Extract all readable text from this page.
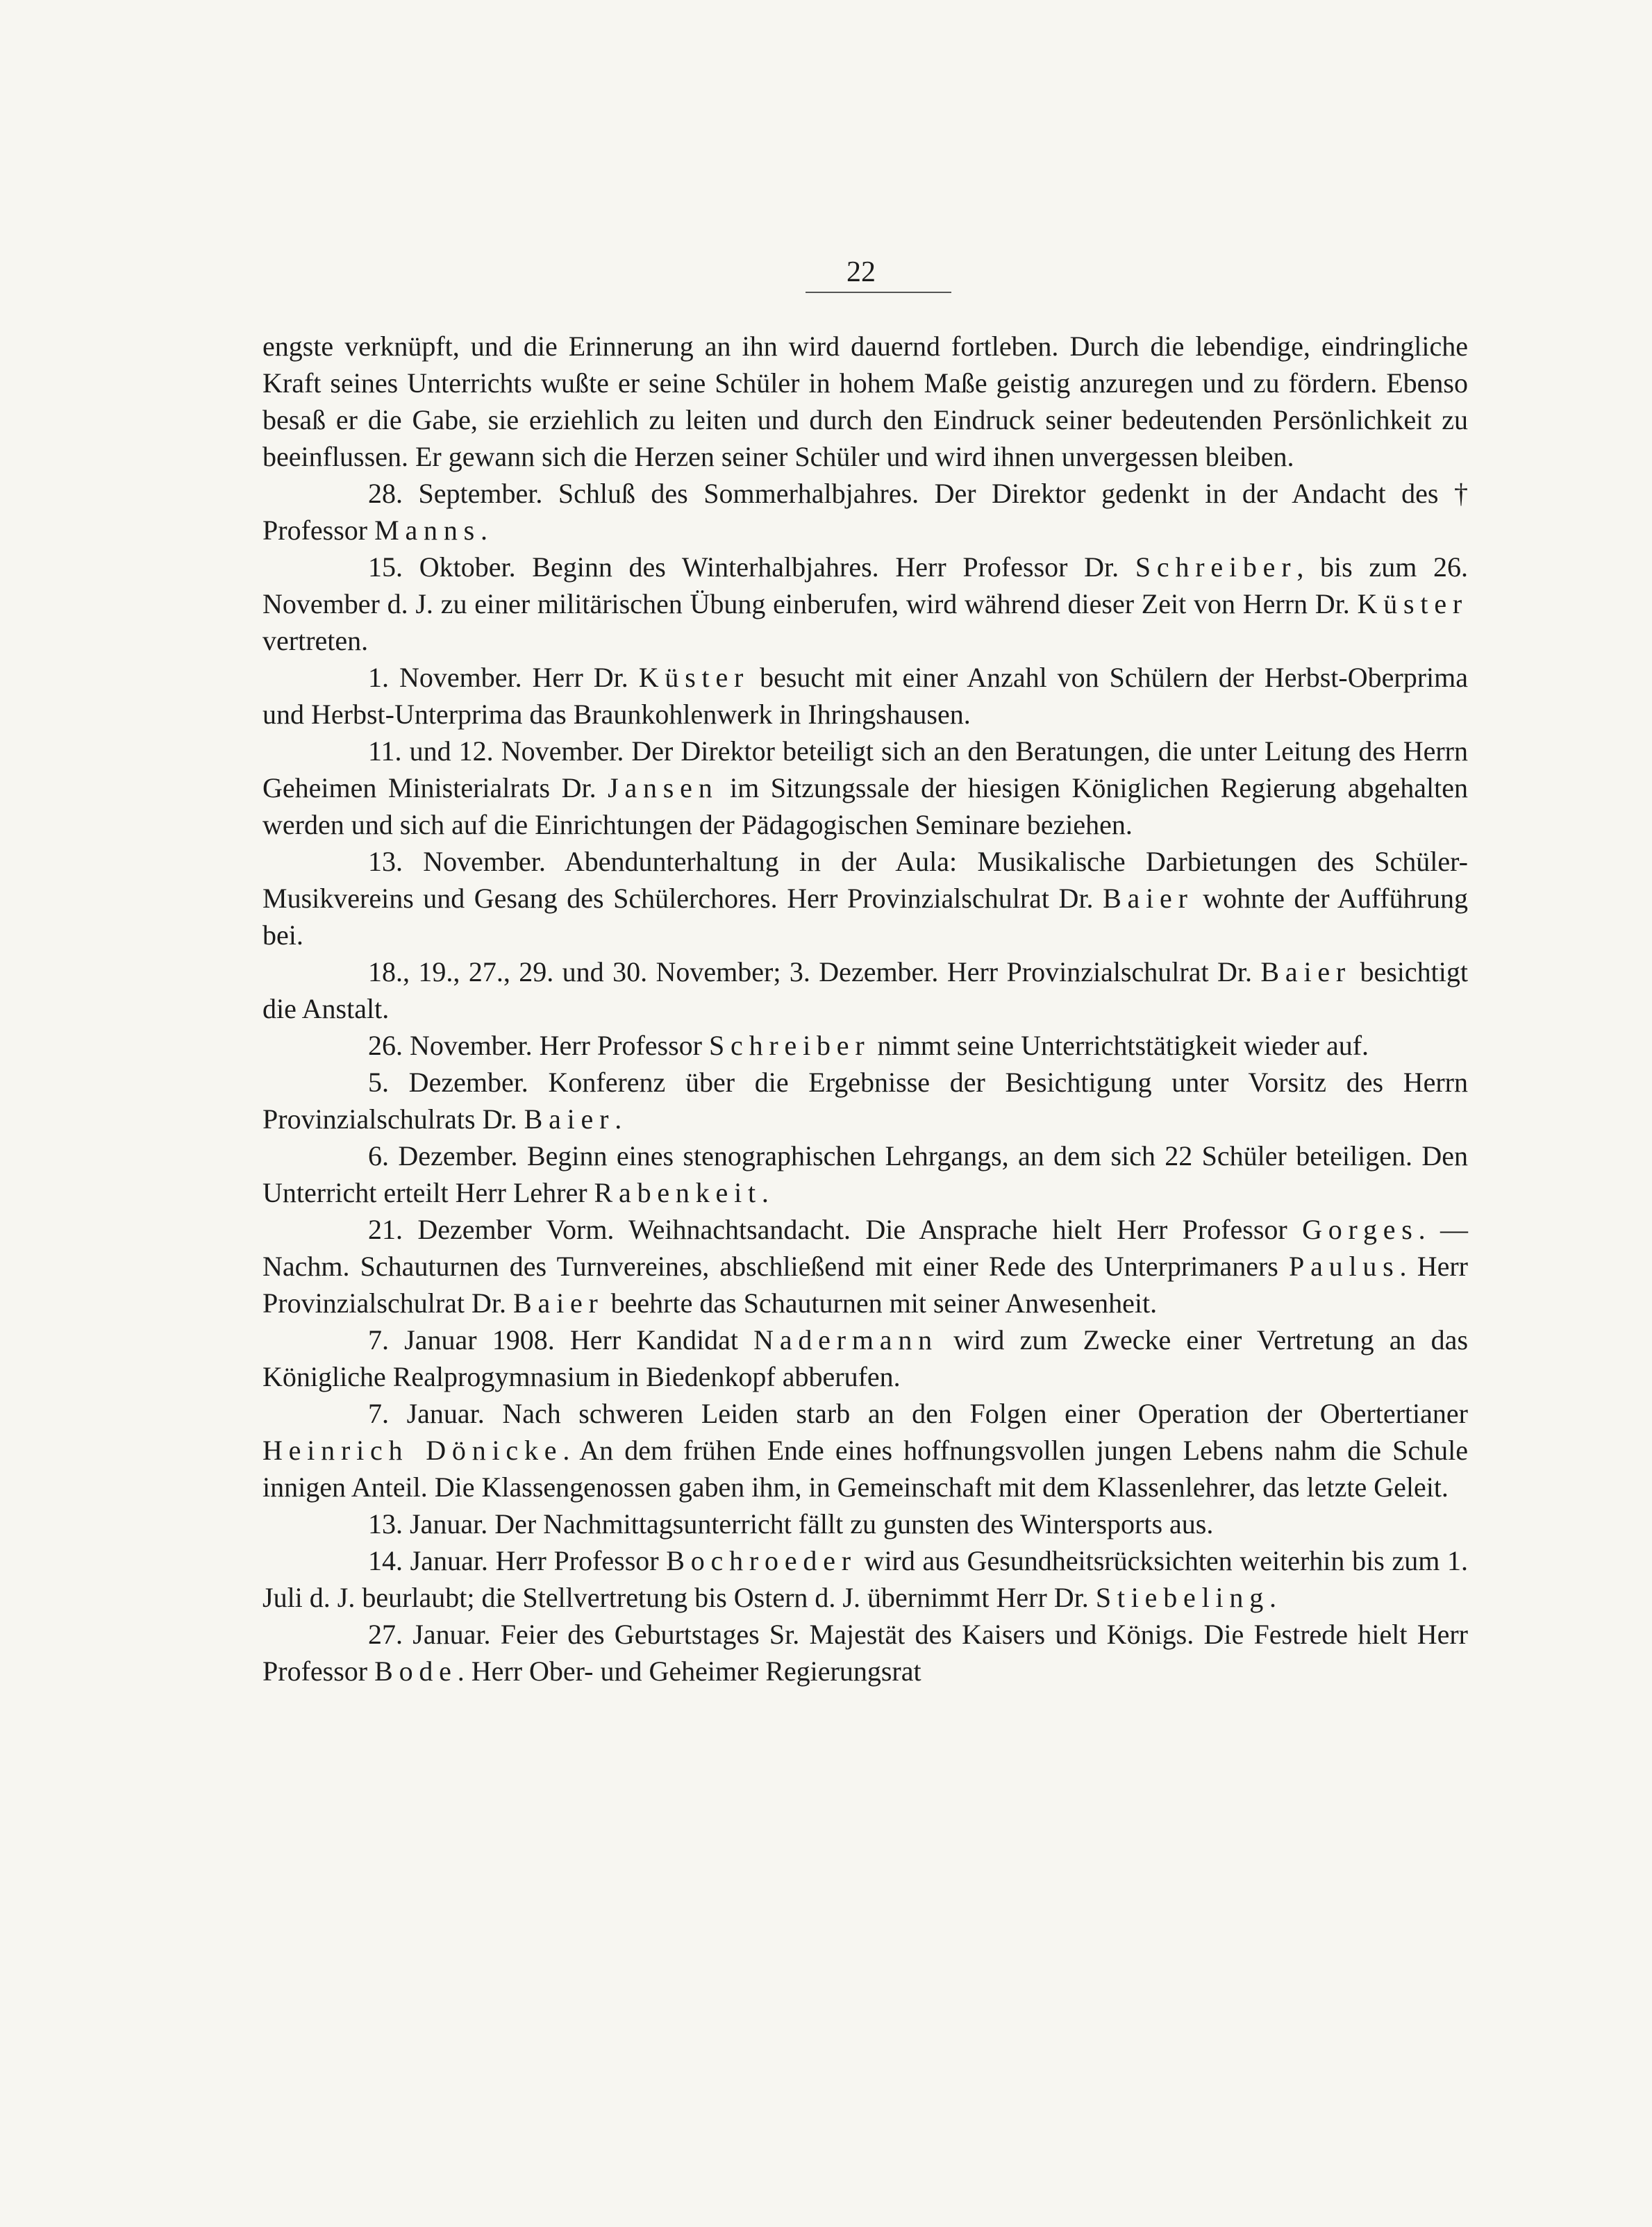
22

engste verknüpft, und die Erinnerung an ihn wird dauernd fortleben. Durch die lebendige, eindringliche Kraft seines Unterrichts wußte er seine Schüler in hohem Maße geistig anzuregen und zu fördern. Ebenso besaß er die Gabe, sie erziehlich zu leiten und durch den Eindruck seiner bedeutenden Persönlichkeit zu beeinflussen. Er gewann sich die Herzen seiner Schüler und wird ihnen unvergessen bleiben.

28. September. Schluß des Sommerhalbjahres. Der Direktor gedenkt in der Andacht des † Professor Manns.

15. Oktober. Beginn des Winterhalbjahres. Herr Professor Dr. Schreiber, bis zum 26. November d. J. zu einer militärischen Übung einberufen, wird während dieser Zeit von Herrn Dr. Küster vertreten.

1. November. Herr Dr. Küster besucht mit einer Anzahl von Schülern der Herbst-Oberprima und Herbst-Unterprima das Braunkohlenwerk in Ihringshausen.

11. und 12. November. Der Direktor beteiligt sich an den Beratungen, die unter Leitung des Herrn Geheimen Ministerialrats Dr. Jansen im Sitzungssale der hiesigen Königlichen Regierung abgehalten werden und sich auf die Einrichtungen der Pädagogischen Seminare beziehen.

13. November. Abendunterhaltung in der Aula: Musikalische Darbietungen des Schüler-Musikvereins und Gesang des Schülerchores. Herr Provinzialschulrat Dr. Baier wohnte der Aufführung bei.

18., 19., 27., 29. und 30. November; 3. Dezember. Herr Provinzialschulrat Dr. Baier besichtigt die Anstalt.

26. November. Herr Professor Schreiber nimmt seine Unterrichtstätigkeit wieder auf.

5. Dezember. Konferenz über die Ergebnisse der Besichtigung unter Vorsitz des Herrn Provinzialschulrats Dr. Baier.

6. Dezember. Beginn eines stenographischen Lehrgangs, an dem sich 22 Schüler beteiligen. Den Unterricht erteilt Herr Lehrer Rabenkeit.

21. Dezember Vorm. Weihnachtsandacht. Die Ansprache hielt Herr Professor Gorges. — Nachm. Schauturnen des Turnvereines, abschließend mit einer Rede des Unterprimaners Paulus. Herr Provinzialschulrat Dr. Baier beehrte das Schauturnen mit seiner Anwesenheit.

7. Januar 1908. Herr Kandidat Nadermann wird zum Zwecke einer Vertretung an das Königliche Realprogymnasium in Biedenkopf abberufen.

7. Januar. Nach schweren Leiden starb an den Folgen einer Operation der Obertertianer Heinrich Dönicke. An dem frühen Ende eines hoffnungsvollen jungen Lebens nahm die Schule innigen Anteil. Die Klassengenossen gaben ihm, in Gemeinschaft mit dem Klassenlehrer, das letzte Geleit.

13. Januar. Der Nachmittagsunterricht fällt zu gunsten des Wintersports aus.

14. Januar. Herr Professor Bochroeder wird aus Gesundheitsrücksichten weiterhin bis zum 1. Juli d. J. beurlaubt; die Stellvertretung bis Ostern d. J. übernimmt Herr Dr. Stiebeling.

27. Januar. Feier des Geburtstages Sr. Majestät des Kaisers und Königs. Die Festrede hielt Herr Professor Bode. Herr Ober- und Geheimer Regierungsrat
